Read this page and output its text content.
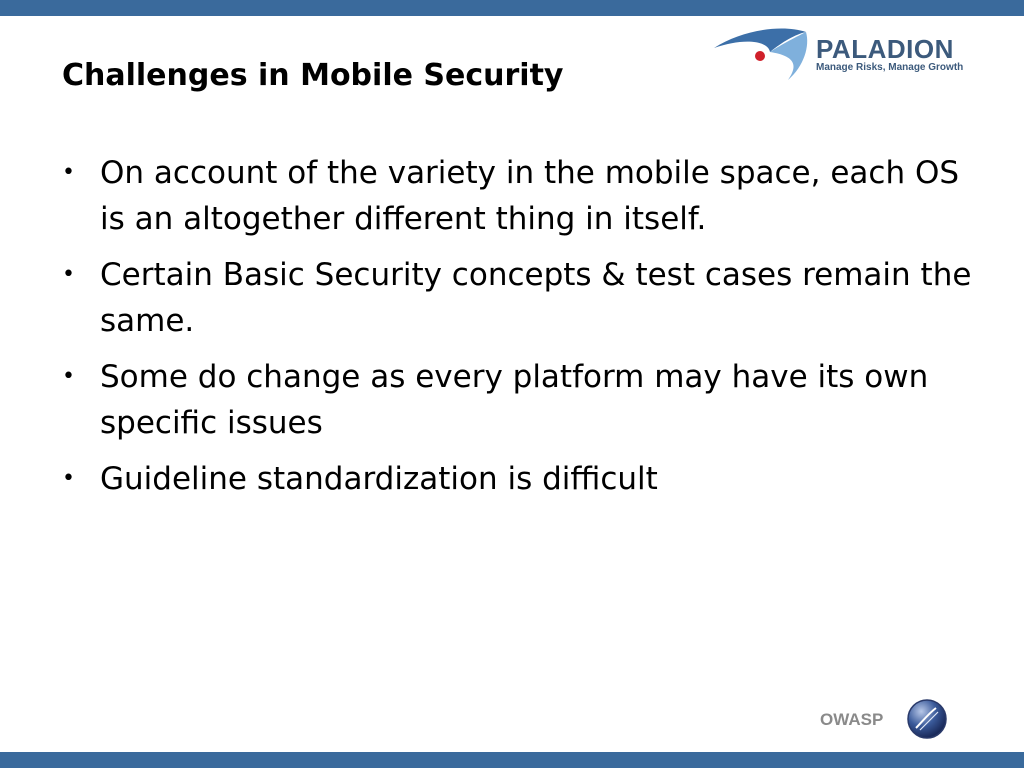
Challenges in Mobile Security
PALADION
Manage Risks, Manage Growth
• On account of the variety in the mobile space, each OS is an altogether different thing in itself.
• Certain Basic Security concepts & test cases remain the same.
• Some do change as every platform may have its own specific issues
• Guideline standardization is difficult
OWASP
